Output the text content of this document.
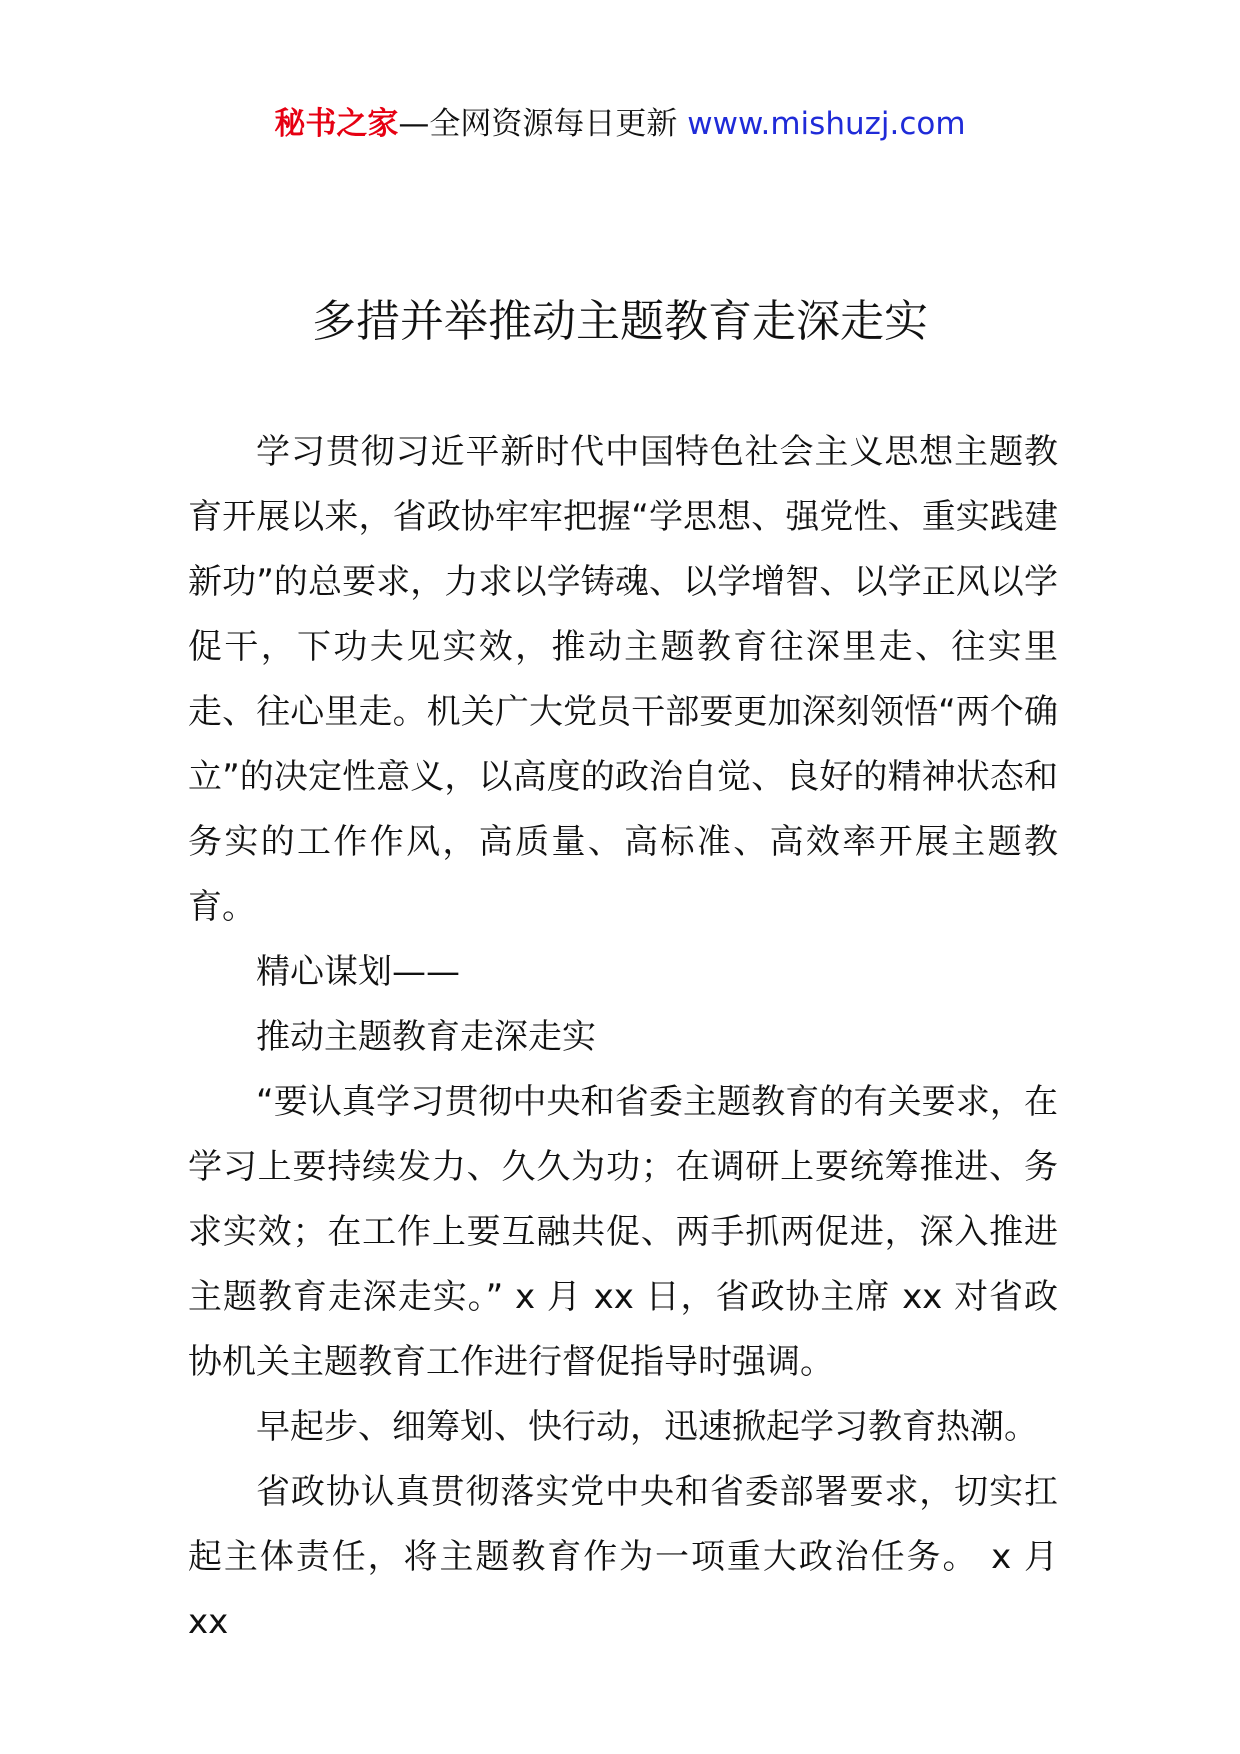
秘书之家—全网资源每日更新 www.mishuzj.com
多措并举推动主题教育走深走实

学习贯彻习近平新时代中国特色社会主义思想主题教育开展以来，省政协牢牢把握“学思想、强党性、重实践建新功”的总要求，力求以学铸魂、以学增智、以学正风以学促干，下功夫见实效，推动主题教育往深里走、往实里走、往心里走。机关广大党员干部要更加深刻领悟“两个确立”的决定性意义，以高度的政治自觉、良好的精神状态和务实的工作作风，高质量、高标准、高效率开展主题教育。

精心谋划——

推动主题教育走深走实

“要认真学习贯彻中央和省委主题教育的有关要求，在学习上要持续发力、久久为功；在调研上要统筹推进、务求实效；在工作上要互融共促、两手抓两促进，深入推进主题教育走深走实。” x 月 xx 日，省政协主席 xx 对省政协机关主题教育工作进行督促指导时强调。

早起步、细筹划、快行动，迅速掀起学习教育热潮。

省政协认真贯彻落实党中央和省委部署要求，切实扛起主体责任，将主题教育作为一项重大政治任务。 x 月 xx
